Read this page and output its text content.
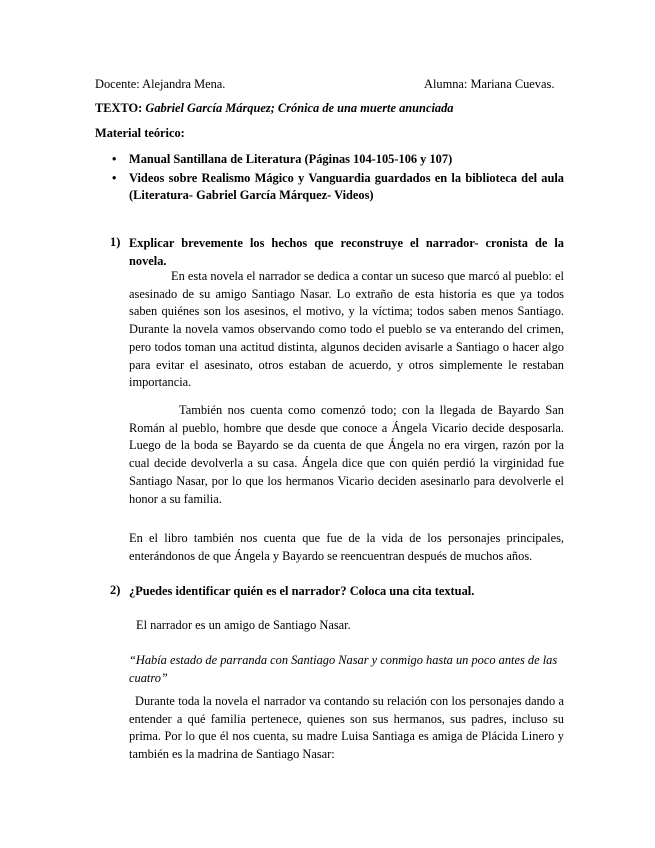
Docente: Alejandra Mena.	Alumna: Mariana Cuevas.
TEXTO: Gabriel García Márquez; Crónica de una muerte anunciada
Material teórico:
• Manual Santillana de Literatura (Páginas 104-105-106 y 107)
• Videos sobre Realismo Mágico y Vanguardia guardados en la biblioteca del aula (Literatura- Gabriel García Márquez- Videos)
1) Explicar brevemente los hechos que reconstruye el narrador- cronista de la novela.
En esta novela el narrador se dedica a contar un suceso que marcó al pueblo: el asesinado de su amigo Santiago Nasar. Lo extraño de esta historia es que ya todos saben quiénes son los asesinos, el motivo, y la víctima; todos saben menos Santiago. Durante la novela vamos observando como todo el pueblo se va enterando del crimen, pero todos toman una actitud distinta, algunos deciden avisarle a Santiago o hacer algo para evitar el asesinato, otros estaban de acuerdo, y otros simplemente le restaban importancia.
También nos cuenta como comenzó todo; con la llegada de Bayardo San Román al pueblo, hombre que desde que conoce a Ángela Vicario decide desposarla. Luego de la boda se Bayardo se da cuenta de que Ángela no era virgen, razón por la cual decide devolverla a su casa. Ángela dice que con quién perdió la virginidad fue Santiago Nasar, por lo que los hermanos Vicario deciden asesinarlo para devolverle el honor a su familia.
En el libro también nos cuenta que fue de la vida de los personajes principales, enterándonos de que Ángela y Bayardo se reencuentran después de muchos años.
2) ¿Puedes identificar quién es el narrador? Coloca una cita textual.
El narrador es un amigo de Santiago Nasar.
“Había estado de parranda con Santiago Nasar y conmigo hasta un poco antes de las cuatro”
Durante toda la novela el narrador va contando su relación con los personajes dando a entender a qué familia pertenece, quienes son sus hermanos, sus padres, incluso su prima. Por lo que él nos cuenta, su madre Luisa Santiaga es amiga de Plácida Linero y también es la madrina de Santiago Nasar:
